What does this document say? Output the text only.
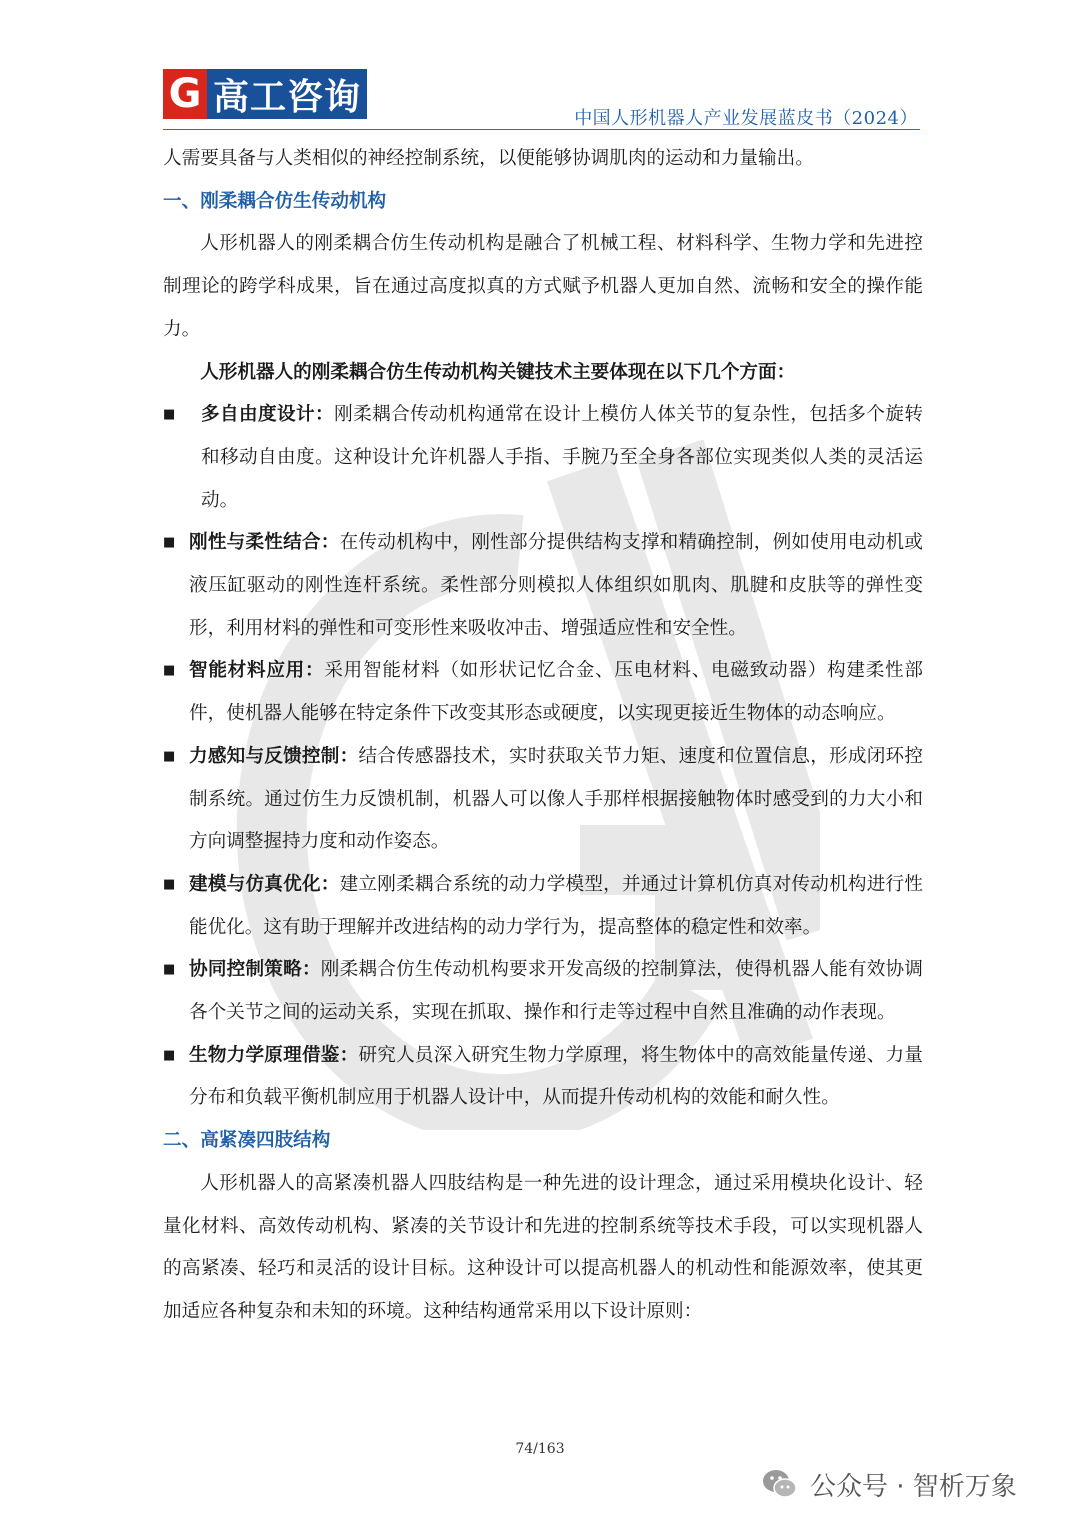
G 高工咨询
中国人形机器人产业发展蓝皮书（2024）

人需要具备与人类相似的神经控制系统，以便能够协调肌肉的运动和力量输出。

一、刚柔耦合仿生传动机构

人形机器人的刚柔耦合仿生传动机构是融合了机械工程、材料科学、生物力学和先进控制理论的跨学科成果，旨在通过高度拟真的方式赋予机器人更加自然、流畅和安全的操作能力。

人形机器人的刚柔耦合仿生传动机构关键技术主要体现在以下几个方面：

■	多自由度设计：刚柔耦合传动机构通常在设计上模仿人体关节的复杂性，包括多个旋转和移动自由度。这种设计允许机器人手指、手腕乃至全身各部位实现类似人类的灵活运动。
■ 刚性与柔性结合：在传动机构中，刚性部分提供结构支撑和精确控制，例如使用电动机或液压缸驱动的刚性连杆系统。柔性部分则模拟人体组织如肌肉、肌腱和皮肤等的弹性变形，利用材料的弹性和可变形性来吸收冲击、增强适应性和安全性。
■ 智能材料应用：采用智能材料（如形状记忆合金、压电材料、电磁致动器）构建柔性部件，使机器人能够在特定条件下改变其形态或硬度，以实现更接近生物体的动态响应。
■ 力感知与反馈控制：结合传感器技术，实时获取关节力矩、速度和位置信息，形成闭环控制系统。通过仿生力反馈机制，机器人可以像人手那样根据接触物体时感受到的力大小和方向调整握持力度和动作姿态。
■ 建模与仿真优化：建立刚柔耦合系统的动力学模型，并通过计算机仿真对传动机构进行性能优化。这有助于理解并改进结构的动力学行为，提高整体的稳定性和效率。
■ 协同控制策略：刚柔耦合仿生传动机构要求开发高级的控制算法，使得机器人能有效协调各个关节之间的运动关系，实现在抓取、操作和行走等过程中自然且准确的动作表现。
■ 生物力学原理借鉴：研究人员深入研究生物力学原理，将生物体中的高效能量传递、力量分布和负载平衡机制应用于机器人设计中，从而提升传动机构的效能和耐久性。

二、高紧凑四肢结构

人形机器人的高紧凑机器人四肢结构是一种先进的设计理念，通过采用模块化设计、轻量化材料、高效传动机构、紧凑的关节设计和先进的控制系统等技术手段，可以实现机器人的高紧凑、轻巧和灵活的设计目标。这种设计可以提高机器人的机动性和能源效率，使其更加适应各种复杂和未知的环境。这种结构通常采用以下设计原则：

74/163
公众号 · 智析万象
